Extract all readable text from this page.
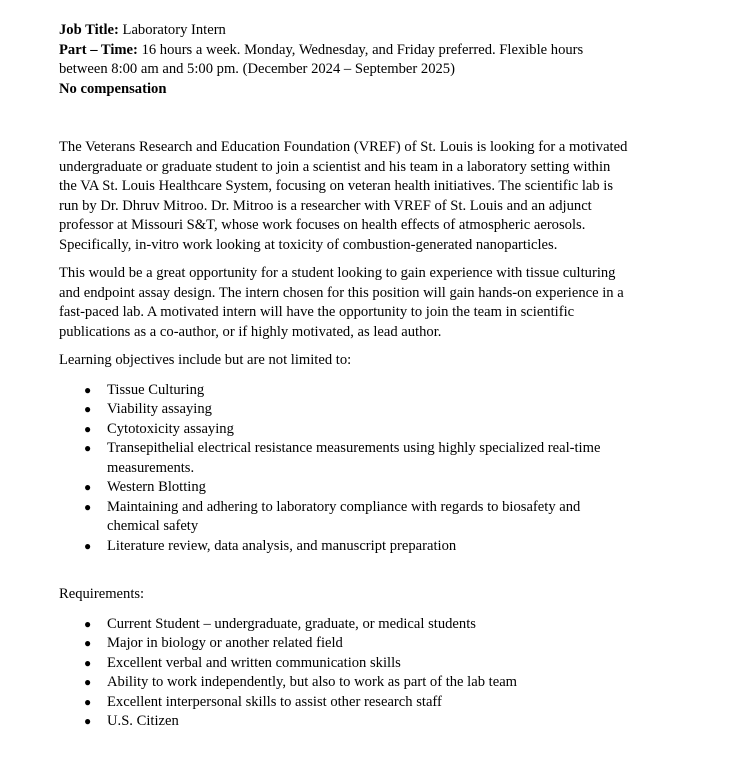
Job Title: Laboratory Intern

Part – Time: 16 hours a week. Monday, Wednesday, and Friday preferred. Flexible hours

between 8:00 am and 5:00 pm. (December 2024 – September 2025)

No compensation

The Veterans Research and Education Foundation (VREF) of St. Louis is looking for a motivated
undergraduate or graduate student to join a scientist and his team in a laboratory setting within
the VA St. Louis Healthcare System, focusing on veteran health initiatives. The scientific lab is
run by Dr. Dhruv Mitroo. Dr. Mitroo is a researcher with VREF of St. Louis and an adjunct
professor at Missouri S&T, whose work focuses on health effects of atmospheric aerosols.
Specifically, in-vitro work looking at toxicity of combustion-generated nanoparticles.
This would be a great opportunity for a student looking to gain experience with tissue culturing
and endpoint assay design. The intern chosen for this position will gain hands-on experience in a
fast-paced lab. A motivated intern will have the opportunity to join the team in scientific
publications as a co-author, or if highly motivated, as lead author.

Learning objectives include but are not limited to:

● Tissue Culturing
● Viability assaying
● Cytotoxicity assaying
● Transepithelial electrical resistance measurements using highly specialized real-time measurements.
● Western Blotting
● Maintaining and adhering to laboratory compliance with regards to biosafety and chemical safety
● Literature review, data analysis, and manuscript preparation

Requirements:

● Current Student – undergraduate, graduate, or medical students
● Major in biology or another related field
● Excellent verbal and written communication skills
● Ability to work independently, but also to work as part of the lab team
● Excellent interpersonal skills to assist other research staff
● U.S. Citizen
